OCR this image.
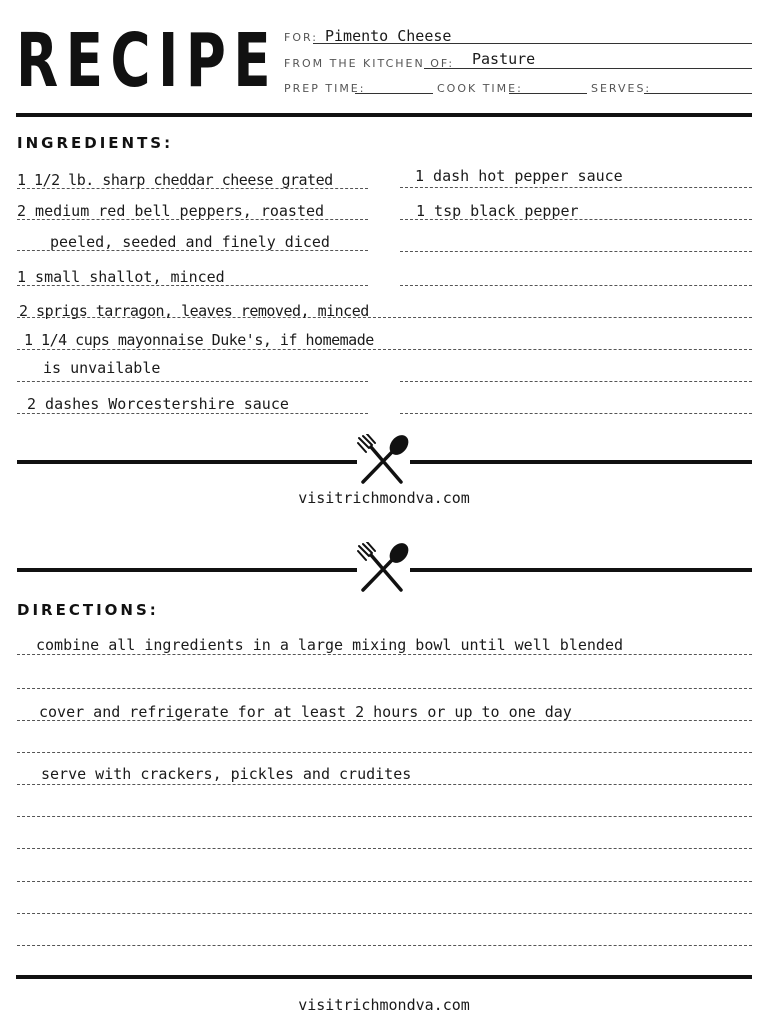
RECIPE FOR: Pimento Cheese
FROM THE KITCHEN OF: Pasture
PREP TIME:	COOK TIME:	SERVES:
INGREDIENTS:
1 1/2 lb. sharp cheddar cheese grated
2 medium red bell peppers, roasted
peeled, seeded and finely diced
1 small shallot, minced
2 sprigs tarragon, leaves removed, minced
1 1/4 cups mayonnaise Duke's, if homemade
is unvailable
2 dashes Worcestershire sauce
1 dash hot pepper sauce
1 tsp black pepper
visitrichmondva.com
DIRECTIONS:
combine all ingredients in a large mixing bowl until well blended
cover and refrigerate for at least 2 hours or up to one day
serve with crackers, pickles and crudites
visitrichmondva.com
